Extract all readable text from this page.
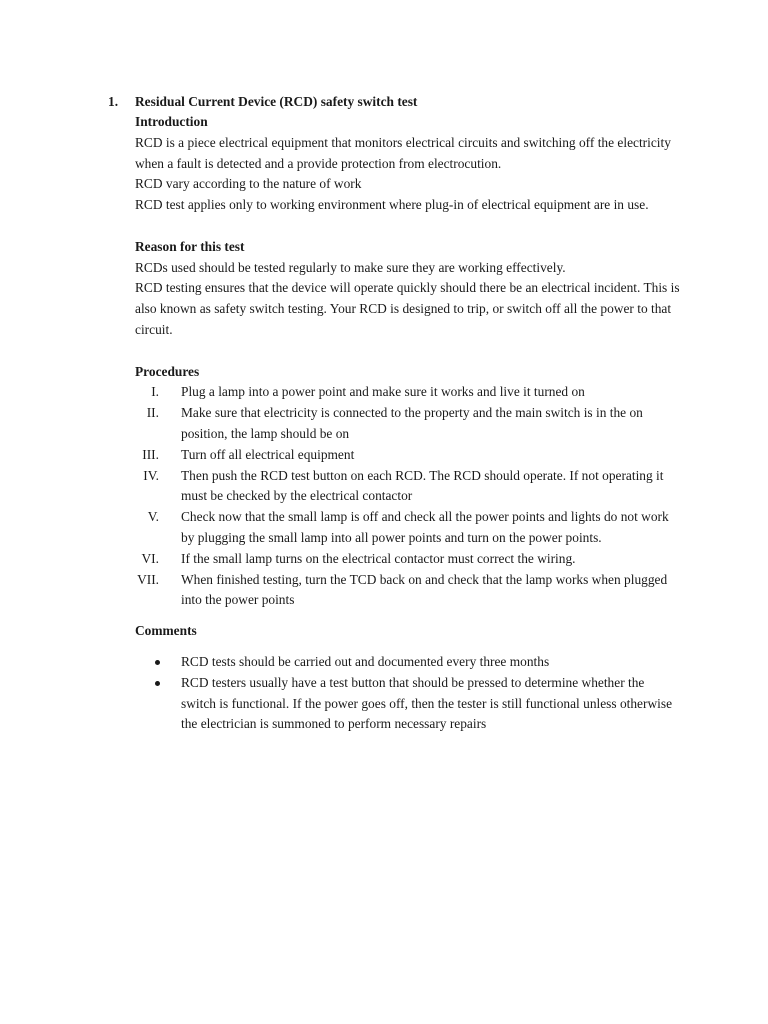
1. Residual Current Device (RCD) safety switch test

Introduction

RCD is a piece electrical equipment that monitors electrical circuits and switching off the electricity when a fault is detected and a provide protection from electrocution.

RCD vary according to the nature of work

RCD test applies only to working environment where plug-in of electrical equipment are in use.

Reason for this test

RCDs used should be tested regularly to make sure they are working effectively.

RCD testing ensures that the device will operate quickly should there be an electrical incident. This is also known as safety switch testing. Your RCD is designed to trip, or switch off all the power to that circuit.

Procedures

I. Plug a lamp into a power point and make sure it works and live it turned on
II. Make sure that electricity is connected to the property and the main switch is in the on position, the lamp should be on
III. Turn off all electrical equipment
IV. Then push the RCD test button on each RCD. The RCD should operate. If not operating it must be checked by the electrical contactor
V. Check now that the small lamp is off and check all the power points and lights do not work by plugging the small lamp into all power points and turn on the power points.
VI. If the small lamp turns on the electrical contactor must correct the wiring.
VII. When finished testing, turn the TCD back on and check that the lamp works when plugged into the power points

Comments

RCD tests should be carried out and documented every three months
RCD testers usually have a test button that should be pressed to determine whether the switch is functional. If the power goes off, then the tester is still functional unless otherwise the electrician is summoned to perform necessary repairs
